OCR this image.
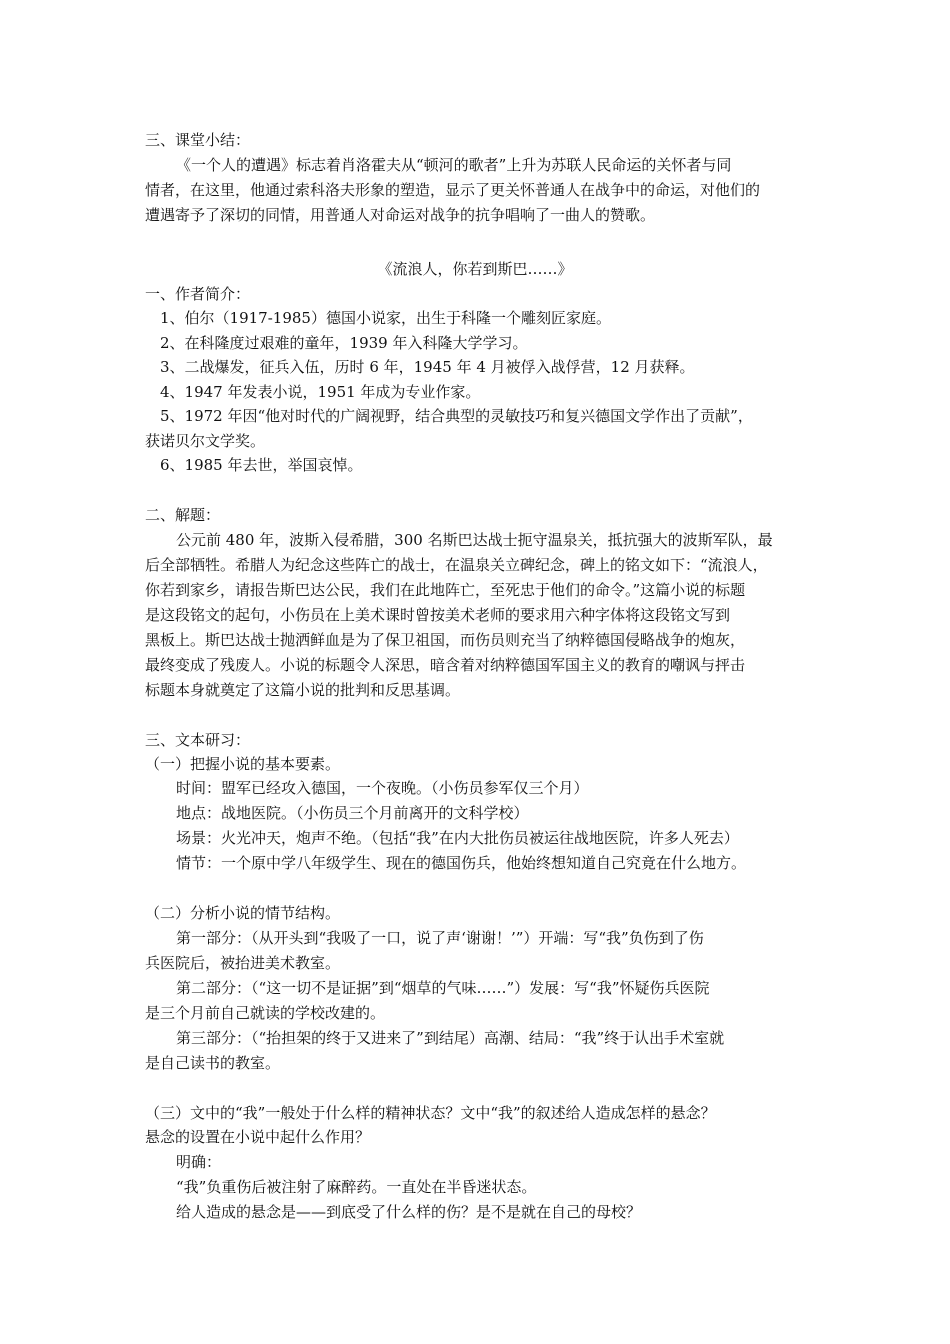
三、课堂小结：
《一个人的遭遇》标志着肖洛霍夫从“顿河的歌者”上升为苏联人民命运的关怀者与同
情者，在这里，他通过索科洛夫形象的塑造，显示了更关怀普通人在战争中的命运，对他们的
遭遇寄予了深切的同情，用普通人对命运对战争的抗争唱响了一曲人的赞歌。
《流浪人，你若到斯巴……》
一、作者简介：
1、伯尔（1917-1985）德国小说家，出生于科隆一个雕刻匠家庭。
2、在科隆度过艰难的童年，1939 年入科隆大学学习。
3、二战爆发，征兵入伍，历时 6 年，1945 年 4 月被俘入战俘营，12 月获释。
4、1947 年发表小说，1951 年成为专业作家。
5、1972 年因“他对时代的广阔视野，结合典型的灵敏技巧和复兴德国文学作出了贡献”，
获诺贝尔文学奖。
6、1985 年去世，举国哀悼。
二、解题：
公元前 480 年，波斯入侵希腊，300 名斯巴达战士扼守温泉关，抵抗强大的波斯军队，最
后全部牺牲。希腊人为纪念这些阵亡的战士，在温泉关立碑纪念，碑上的铭文如下：“流浪人，
你若到家乡，请报告斯巴达公民，我们在此地阵亡，至死忠于他们的命令。”这篇小说的标题
是这段铭文的起句，小伤员在上美术课时曾按美术老师的要求用六种字体将这段铭文写到
黑板上。斯巴达战士抛洒鲜血是为了保卫祖国，而伤员则充当了纳粹德国侵略战争的炮灰，
最终变成了残废人。小说的标题令人深思，暗含着对纳粹德国军国主义的教育的嘲讽与抨击
标题本身就奠定了这篇小说的批判和反思基调。
三、文本研习：
（一）把握小说的基本要素。
时间：盟军已经攻入德国，一个夜晚。（小伤员参军仅三个月）
地点：战地医院。（小伤员三个月前离开的文科学校）
场景：火光冲天，炮声不绝。（包括“我”在内大批伤员被运往战地医院，许多人死去）
情节：一个原中学八年级学生、现在的德国伤兵，他始终想知道自己究竟在什么地方。
（二）分析小说的情节结构。
第一部分：（从开头到“我吸了一口，说了声‘谢谢！’”）开端：写“我”负伤到了伤
兵医院后，被抬进美术教室。
第二部分：（“这一切不是证据”到“烟草的气味……”）发展：写“我”怀疑伤兵医院
是三个月前自己就读的学校改建的。
第三部分：（“抬担架的终于又进来了”到结尾）高潮、结局：“我”终于认出手术室就
是自己读书的教室。
（三）文中的“我”一般处于什么样的精神状态？文中“我”的叙述给人造成怎样的悬念？
悬念的设置在小说中起什么作用？
明确：
“我”负重伤后被注射了麻醉药。一直处在半昏迷状态。
给人造成的悬念是——到底受了什么样的伤？是不是就在自己的母校？
